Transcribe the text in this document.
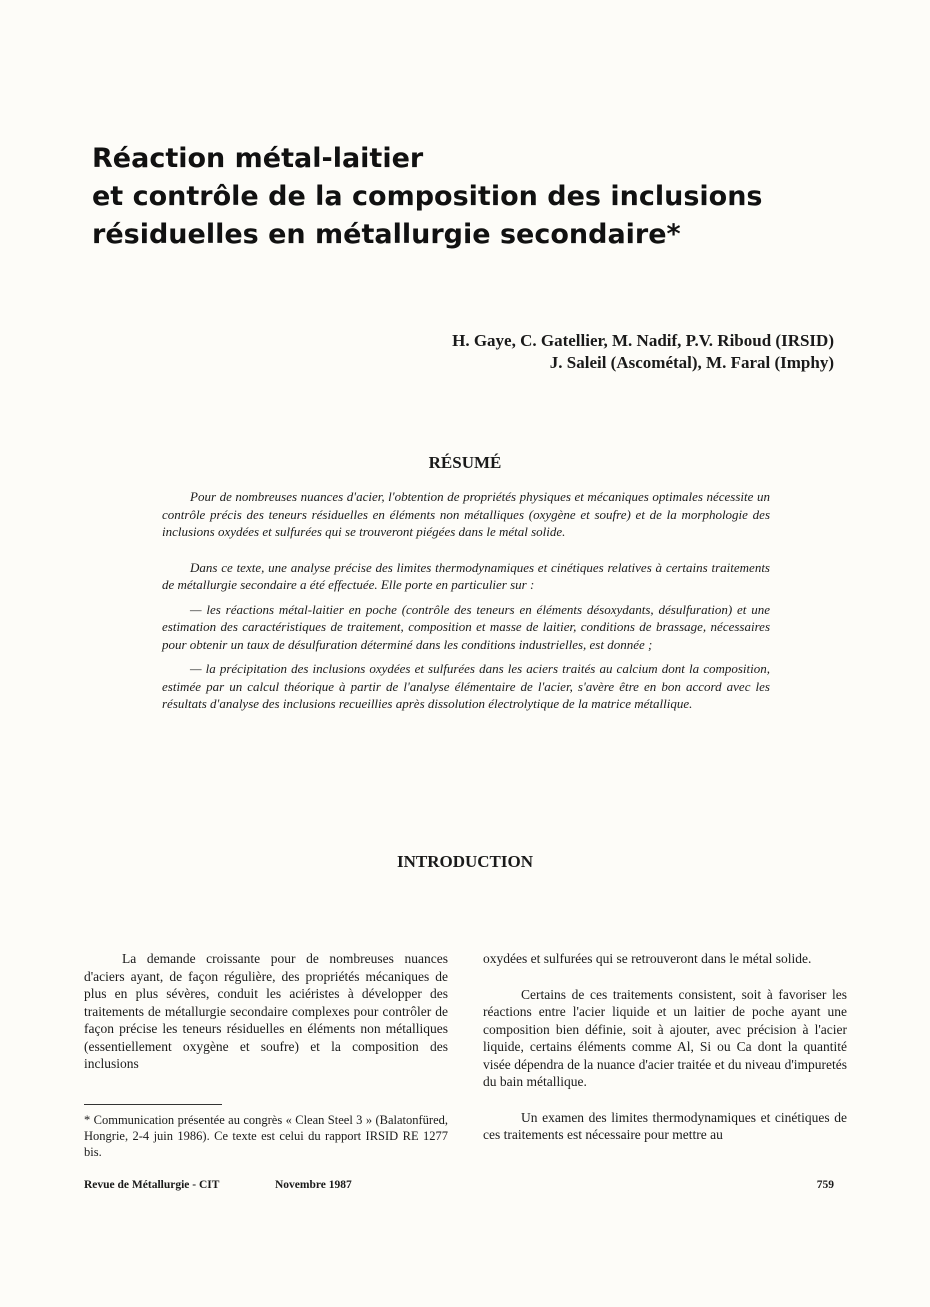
Réaction métal-laitier
et contrôle de la composition des inclusions
résiduelles en métallurgie secondaire*
H. Gaye, C. Gatellier, M. Nadif, P.V. Riboud (IRSID)
J. Saleil (Ascométal), M. Faral (Imphy)
RÉSUMÉ

Pour de nombreuses nuances d'acier, l'obtention de propriétés physiques et mécaniques optimales nécessite un contrôle précis des teneurs résiduelles en éléments non métalliques (oxygène et soufre) et de la morphologie des inclusions oxydées et sulfurées qui se trouveront piégées dans le métal solide.

Dans ce texte, une analyse précise des limites thermodynamiques et cinétiques relatives à certains traitements de métallurgie secondaire a été effectuée. Elle porte en particulier sur :

— les réactions métal-laitier en poche (contrôle des teneurs en éléments désoxydants, désulfuration) et une estimation des caractéristiques de traitement, composition et masse de laitier, conditions de brassage, nécessaires pour obtenir un taux de désulfuration déterminé dans les conditions industrielles, est donnée ;

— la précipitation des inclusions oxydées et sulfurées dans les aciers traités au calcium dont la composition, estimée par un calcul théorique à partir de l'analyse élémentaire de l'acier, s'avère être en bon accord avec les résultats d'analyse des inclusions recueillies après dissolution électrolytique de la matrice métallique.

INTRODUCTION

La demande croissante pour de nombreuses nuances d'aciers ayant, de façon régulière, des propriétés mécaniques de plus en plus sévères, conduit les aciéristes à développer des traitements de métallurgie secondaire complexes pour contrôler de façon précise les teneurs résiduelles en éléments non métalliques (essentiellement oxygène et soufre) et la composition des inclusions

oxydées et sulfurées qui se retrouveront dans le métal solide.

Certains de ces traitements consistent, soit à favoriser les réactions entre l'acier liquide et un laitier de poche ayant une composition bien définie, soit à ajouter, avec précision à l'acier liquide, certains éléments comme Al, Si ou Ca dont la quantité visée dépendra de la nuance d'acier traitée et du niveau d'impuretés du bain métallique.

Un examen des limites thermodynamiques et cinétiques de ces traitements est nécessaire pour mettre au

* Communication présentée au congrès « Clean Steel 3 » (Balatonfüred, Hongrie, 2-4 juin 1986). Ce texte est celui du rapport IRSID RE 1277 bis.
Revue de Métallurgie - CIT	Novembre 1987	759
